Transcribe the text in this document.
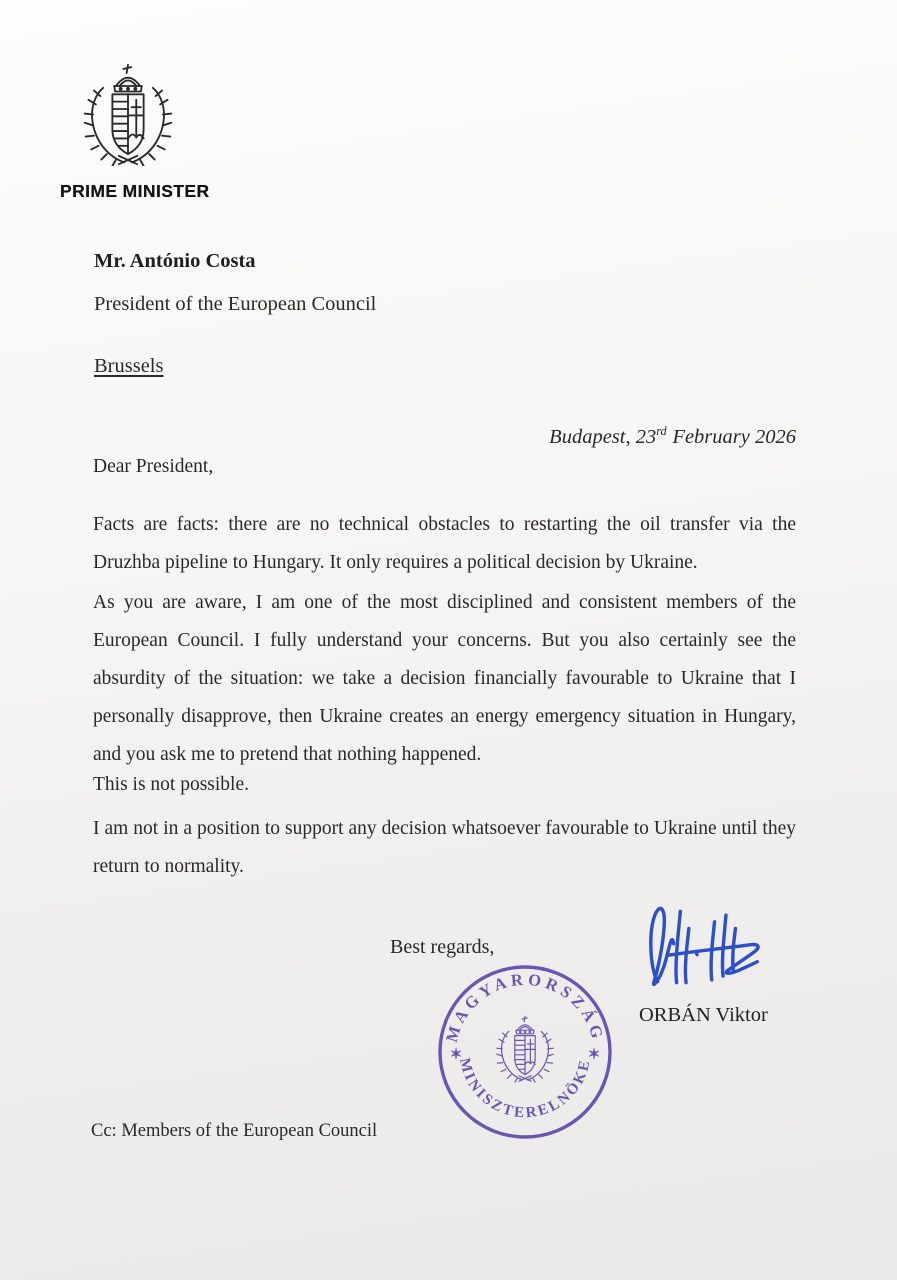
PRIME MINISTER
Mr. António Costa
President of the European Council
Brussels
Budapest, 23rd February 2026
Dear President,
Facts are facts: there are no technical obstacles to restarting the oil transfer via the Druzhba pipeline to Hungary. It only requires a political decision by Ukraine.
As you are aware, I am one of the most disciplined and consistent members of the European Council. I fully understand your concerns. But you also certainly see the absurdity of the situation: we take a decision financially favourable to Ukraine that I personally disapprove, then Ukraine creates an energy emergency situation in Hungary, and you ask me to pretend that nothing happened.
This is not possible.
I am not in a position to support any decision whatsoever favourable to Ukraine until they return to normality.
Best regards,
ORBÁN Viktor
MAGYARORSZÁG
MINISZTERELNÖKE
✶	✶
Cc: Members of the European Council
